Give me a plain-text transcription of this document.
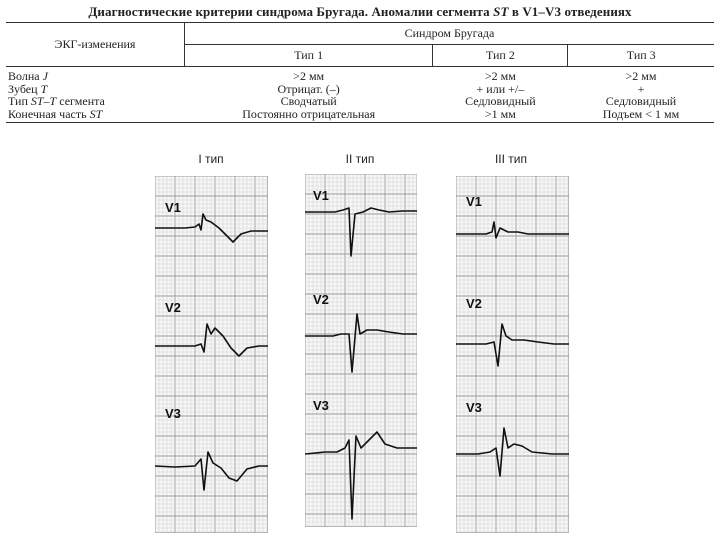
Диагностические критерии синдрома Бругада. Аномалии сегмента ST в V1–V3 отведениях
ЭКГ-изменения	Синдром Бругада		
	Тип 1	Тип 2	Тип 3
Волна J	>2 мм	>2 мм	>2 мм
Зубец T	Отрицат. (–)	+ или +/–	+
Тип ST–T сегмента	Сводчатый	Седловидный	Седловидный
Конечная часть ST	Постоянно отрицательная	>1 мм	Подъем < 1 мм
I тип	II тип	III тип
V1
V2
V3
V1
V2
V3
V1
V2
V3
